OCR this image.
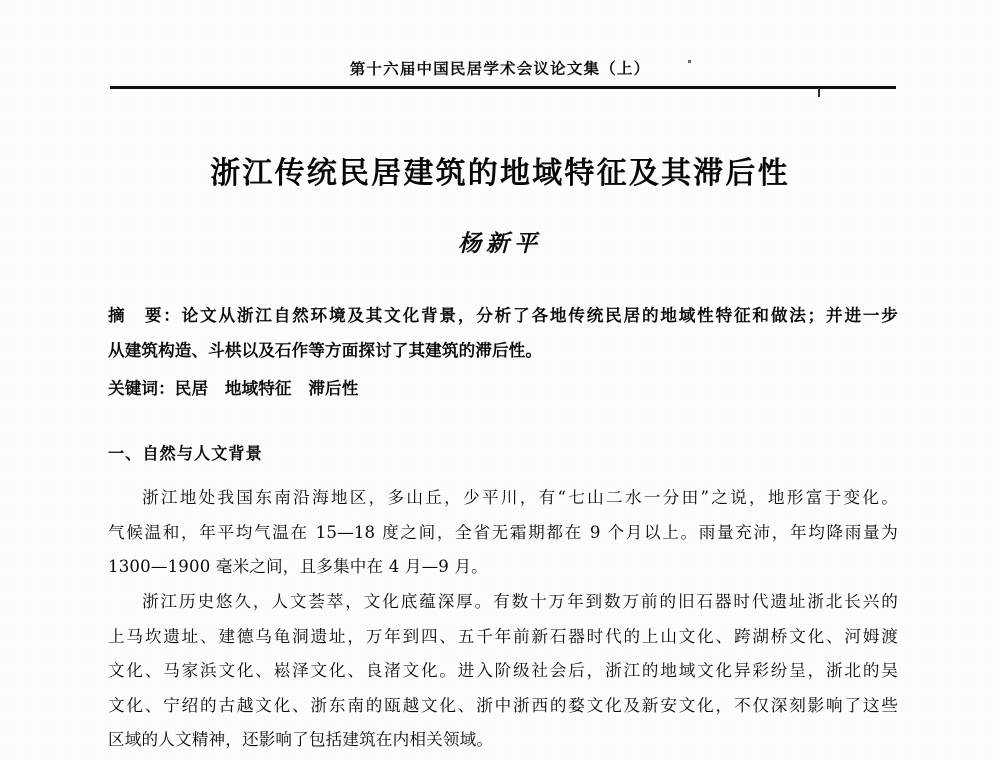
第十六届中国民居学术会议论文集（上）
浙江传统民居建筑的地域特征及其滞后性
杨新平
摘　要：论文从浙江自然环境及其文化背景，分析了各地传统民居的地域性特征和做法；并进一步
从建筑构造、斗栱以及石作等方面探讨了其建筑的滞后性。
关键词：民居　地域特征　滞后性
一、自然与人文背景
浙江地处我国东南沿海地区，多山丘，少平川，有“七山二水一分田”之说，地形富于变化。
气候温和，年平均气温在 15—18 度之间，全省无霜期都在 9 个月以上。雨量充沛，年均降雨量为
1300—1900 毫米之间，且多集中在 4 月—9 月。
浙江历史悠久，人文荟萃，文化底蕴深厚。有数十万年到数万前的旧石器时代遗址浙北长兴的
上马坎遗址、建德乌龟洞遗址，万年到四、五千年前新石器时代的上山文化、跨湖桥文化、河姆渡
文化、马家浜文化、崧泽文化、良渚文化。进入阶级社会后，浙江的地域文化异彩纷呈，浙北的吴
文化、宁绍的古越文化、浙东南的瓯越文化、浙中浙西的婺文化及新安文化，不仅深刻影响了这些
区域的人文精神，还影响了包括建筑在内相关领域。
